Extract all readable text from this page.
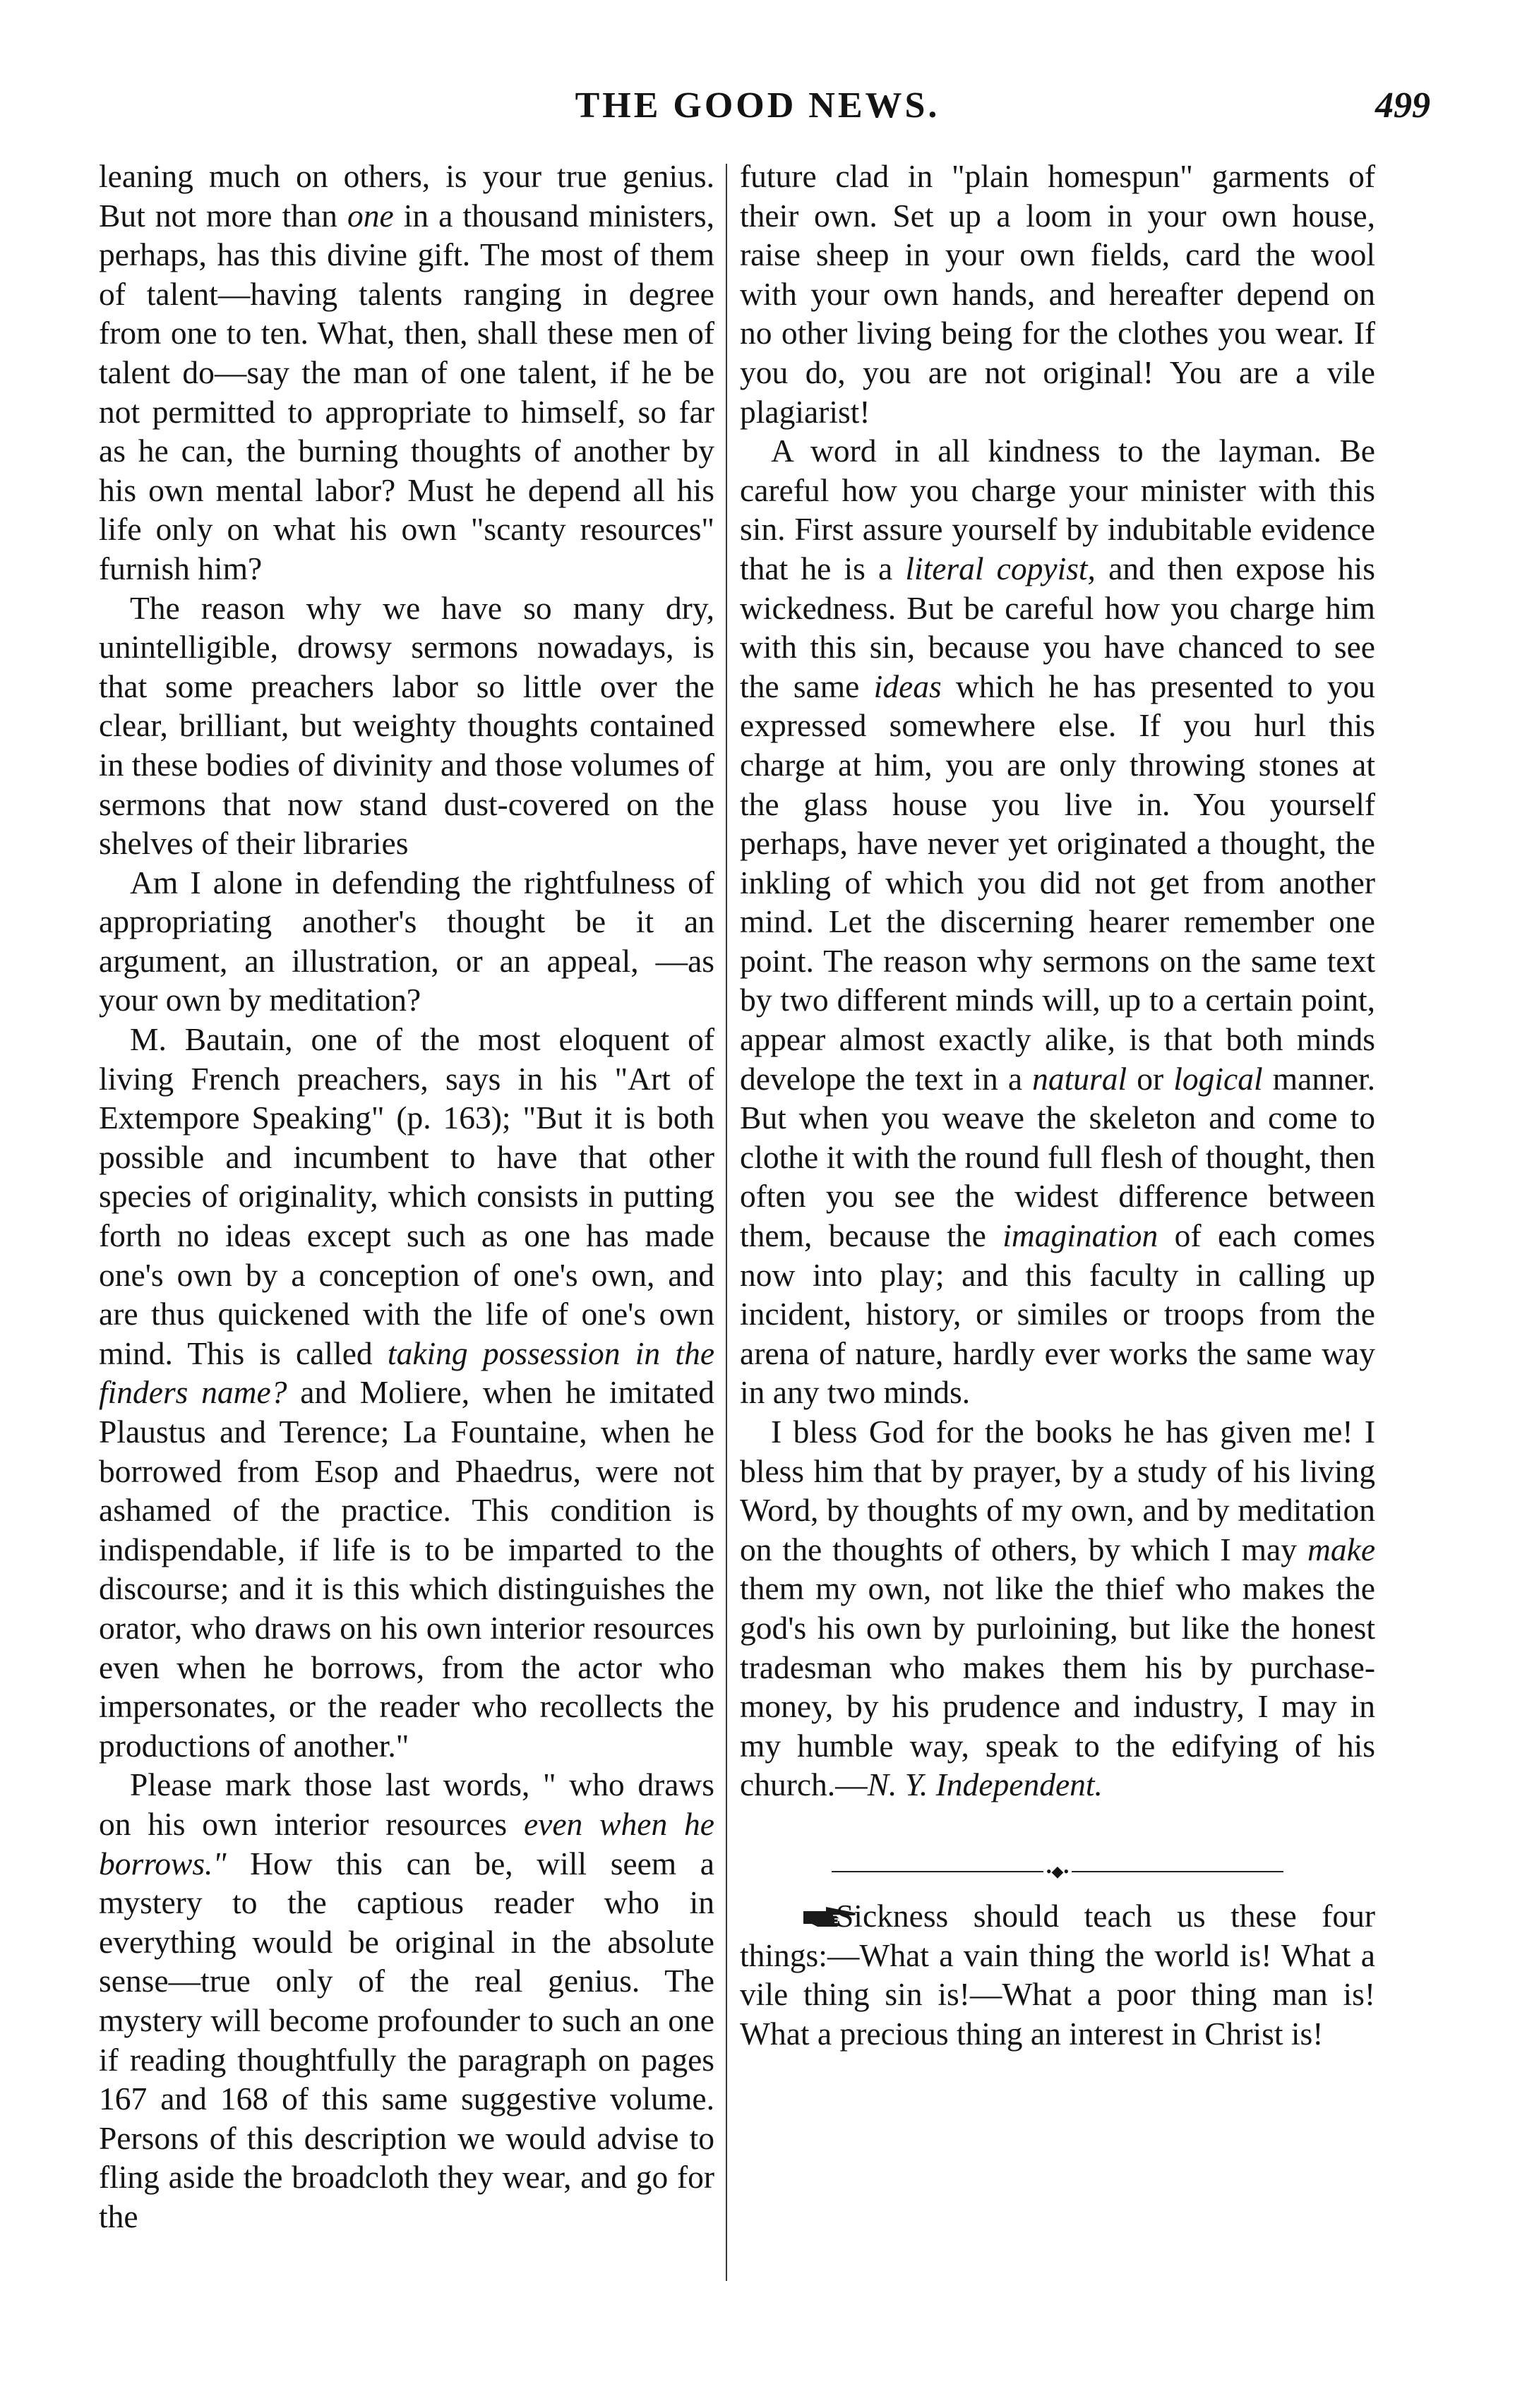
THE GOOD NEWS.	499

leaning much on others, is your true genius. But not more than one in a thousand ministers, perhaps, has this divine gift. The most of them of talent—having talents ranging in degree from one to ten. What, then, shall these men of talent do—say the man of one talent, if he be not permitted to appropriate to himself, so far as he can, the burning thoughts of another by his own mental labor? Must he depend all his life only on what his own "scanty resources" furnish him?

The reason why we have so many dry, unintelligible, drowsy sermons nowadays, is that some preachers labor so little over the clear, brilliant, but weighty thoughts contained in these bodies of divinity and those volumes of sermons that now stand dust-covered on the shelves of their libraries

Am I alone in defending the rightfulness of appropriating another's thought be it an argument, an illustration, or an appeal, —as your own by meditation?

M. Bautain, one of the most eloquent of living French preachers, says in his "Art of Extempore Speaking" (p. 163); "But it is both possible and incumbent to have that other species of originality, which consists in putting forth no ideas except such as one has made one's own by a conception of one's own, and are thus quickened with the life of one's own mind. This is called taking possession in the finders name? and Moliere, when he imitated Plaustus and Terence; La Fountaine, when he borrowed from Esop and Phaedrus, were not ashamed of the practice. This condition is indispendable, if life is to be imparted to the discourse; and it is this which distinguishes the orator, who draws on his own interior resources even when he borrows, from the actor who impersonates, or the reader who recollects the productions of another."

Please mark those last words, " who draws on his own interior resources even when he borrows." How this can be, will seem a mystery to the captious reader who in everything would be original in the absolute sense—true only of the real genius. The mystery will become profounder to such an one if reading thoughtfully the paragraph on pages 167 and 168 of this same suggestive volume. Persons of this description we would advise to fling aside the broadcloth they wear, and go for the

future clad in "plain homespun" garments of their own. Set up a loom in your own house, raise sheep in your own fields, card the wool with your own hands, and hereafter depend on no other living being for the clothes you wear. If you do, you are not original! You are a vile plagiarist!

A word in all kindness to the layman. Be careful how you charge your minister with this sin. First assure yourself by indubitable evidence that he is a literal copyist, and then expose his wickedness. But be careful how you charge him with this sin, because you have chanced to see the same ideas which he has presented to you expressed somewhere else. If you hurl this charge at him, you are only throwing stones at the glass house you live in. You yourself perhaps, have never yet originated a thought, the inkling of which you did not get from another mind. Let the discerning hearer remember one point. The reason why sermons on the same text by two different minds will, up to a certain point, appear almost exactly alike, is that both minds develope the text in a natural or logical manner. But when you weave the skeleton and come to clothe it with the round full flesh of thought, then often you see the widest difference between them, because the imagination of each comes now into play; and this faculty in calling up incident, history, or similes or troops from the arena of nature, hardly ever works the same way in any two minds.

I bless God for the books he has given me! I bless him that by prayer, by a study of his living Word, by thoughts of my own, and by meditation on the thoughts of others, by which I may make them my own, not like the thief who makes the god's his own by purloining, but like the honest tradesman who makes them his by purchase-money, by his prudence and industry, I may in my humble way, speak to the edifying of his church.—N. Y. Independent.

•◆•

Sickness should teach us these four things:—What a vain thing the world is! What a vile thing sin is!—What a poor thing man is! What a precious thing an interest in Christ is!
